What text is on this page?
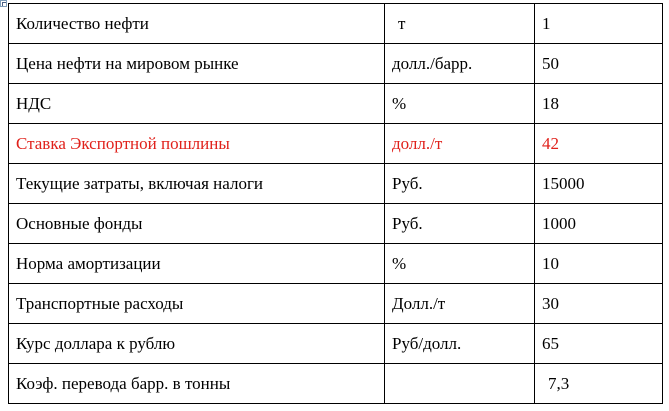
Количество нефти	т	1
Цена нефти на мировом рынке	долл./барр.	50
НДС	%	18
Ставка Экспортной пошлины	долл./т	42
Текущие затраты, включая налоги	Руб.	15000
Основные фонды	Руб.	1000
Норма амортизации	%	10
Транспортные расходы	Долл./т	30
Курс доллара к рублю	Руб/долл.	65
Коэф. перевода барр. в тонны		7,3
